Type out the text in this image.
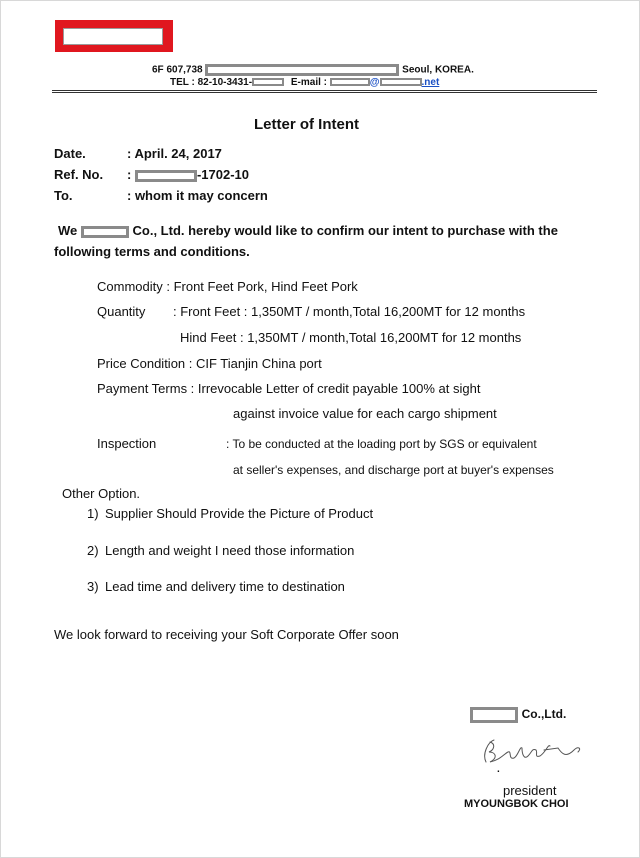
6F 607,738	Seoul, KOREA.
TEL : 82-10-3431-	E-mail :	@	.net
Letter of Intent
Date.	: April. 24, 2017
Ref. No. :	-1702-10
To.	: whom it may concern
We	Co., Ltd. hereby would like to confirm our intent to purchase with the
following terms and conditions.
Commodity : Front Feet Pork, Hind Feet Pork
Quantity : Front Feet : 1,350MT / month,Total 16,200MT for 12 months
Hind Feet : 1,350MT / month,Total 16,200MT for 12 months
Price Condition : CIF Tianjin China port
Payment Terms : Irrevocable Letter of credit payable 100% at sight
against invoice value for each cargo shipment
Inspection	: To be conducted at the loading port by SGS or equivalent
at seller's expenses, and discharge port at buyer's expenses
Other Option.
1) Supplier Should Provide the Picture of Product
2) Length and weight I need those information
3) Lead time and delivery time to destination
We look forward to receiving your Soft Corporate Offer soon
Co.,Ltd.
.
president
MYOUNGBOK CHOI
